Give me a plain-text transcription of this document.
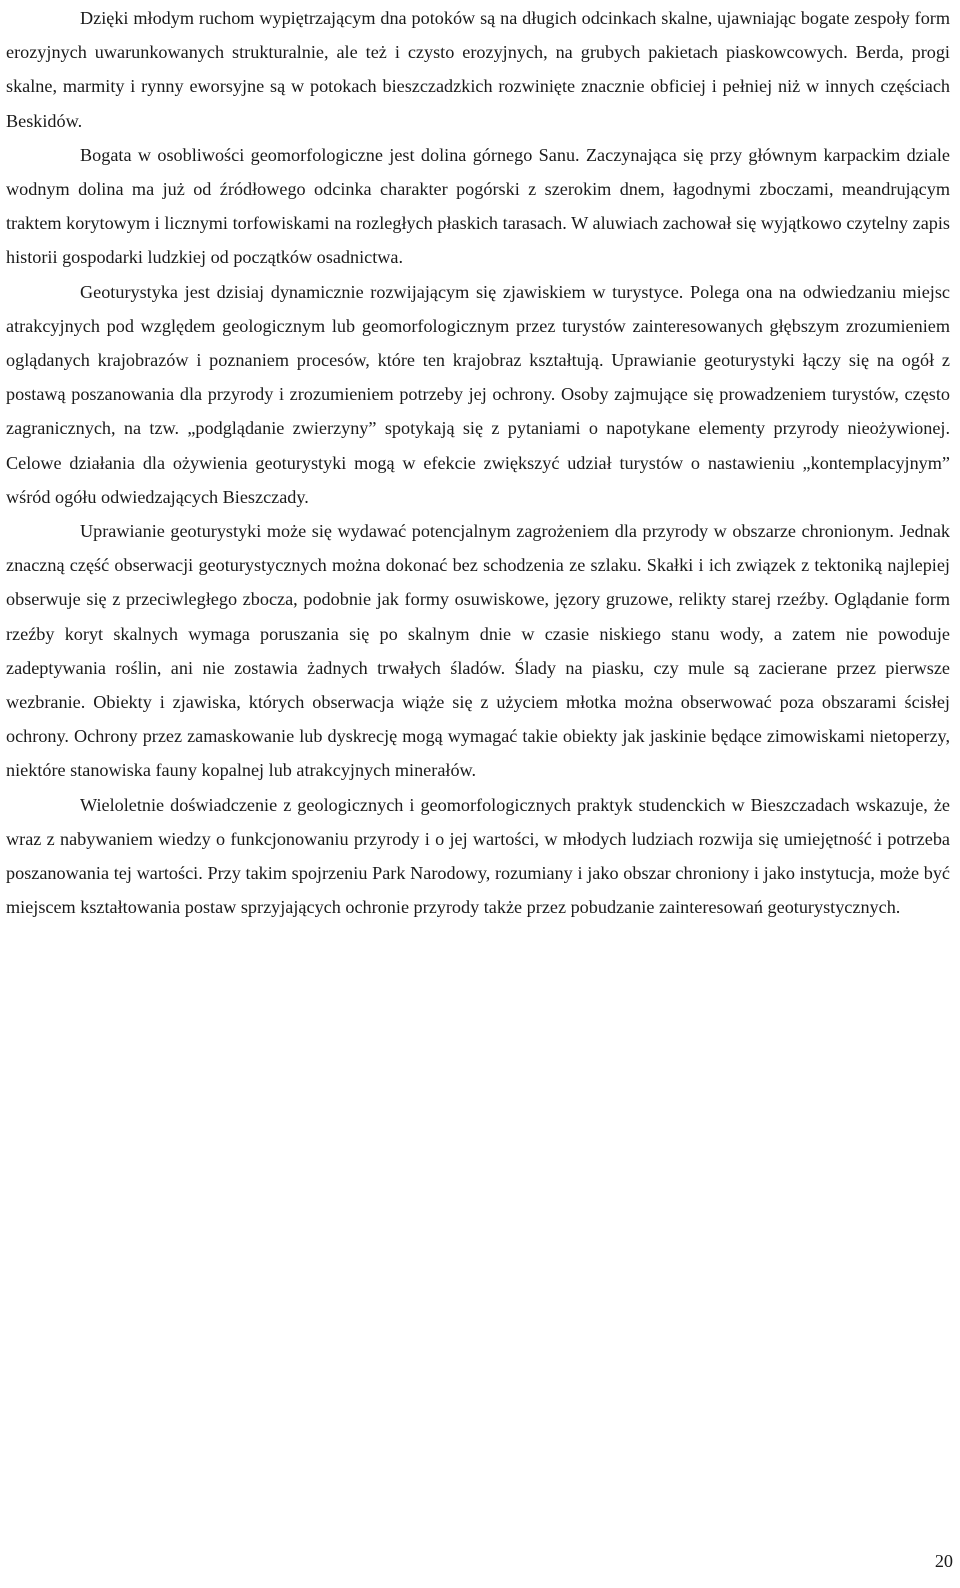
Dzięki młodym ruchom wypiętrzającym dna potoków są na długich odcinkach skalne, ujawniając bogate zespoły form erozyjnych uwarunkowanych strukturalnie, ale też i czysto erozyjnych, na grubych pakietach piaskowcowych. Berda, progi skalne, marmity i rynny eworsyjne są w potokach bieszczadzkich rozwinięte znacznie obficiej i pełniej niż w innych częściach Beskidów.

Bogata w osobliwości geomorfologiczne jest dolina górnego Sanu. Zaczynająca się przy głównym karpackim dziale wodnym dolina ma już od źródłowego odcinka charakter pogórski z szerokim dnem, łagodnymi zboczami, meandrującym traktem korytowym i licznymi torfowiskami na rozległych płaskich tarasach. W aluwiach zachował się wyjątkowo czytelny zapis historii gospodarki ludzkiej od początków osadnictwa.

Geoturystyka jest dzisiaj dynamicznie rozwijającym się zjawiskiem w turystyce. Polega ona na odwiedzaniu miejsc atrakcyjnych pod względem geologicznym lub geomorfologicznym przez turystów zainteresowanych głębszym zrozumieniem oglądanych krajobrazów i poznaniem procesów, które ten krajobraz kształtują. Uprawianie geoturystyki łączy się na ogół z postawą poszanowania dla przyrody i zrozumieniem potrzeby jej ochrony. Osoby zajmujące się prowadzeniem turystów, często zagranicznych, na tzw. „podglądanie zwierzyny” spotykają się z pytaniami o napotykane elementy przyrody nieożywionej. Celowe działania dla ożywienia geoturystyki mogą w efekcie zwiększyć udział turystów o nastawieniu „kontemplacyjnym” wśród ogółu odwiedzających Bieszczady.

Uprawianie geoturystyki może się wydawać potencjalnym zagrożeniem dla przyrody w obszarze chronionym. Jednak znaczną część obserwacji geoturystycznych można dokonać bez schodzenia ze szlaku. Skałki i ich związek z tektoniką najlepiej obserwuje się z przeciwległego zbocza, podobnie jak formy osuwiskowe, jęzory gruzowe, relikty starej rzeźby. Oglądanie form rzeźby koryt skalnych wymaga poruszania się po skalnym dnie w czasie niskiego stanu wody, a zatem nie powoduje zadeptywania roślin, ani nie zostawia żadnych trwałych śladów. Ślady na piasku, czy mule są zacierane przez pierwsze wezbranie. Obiekty i zjawiska, których obserwacja wiąże się z użyciem młotka można obserwować poza obszarami ścisłej ochrony. Ochrony przez zamaskowanie lub dyskrecję mogą wymagać takie obiekty jak jaskinie będące zimowiskami nietoperzy, niektóre stanowiska fauny kopalnej lub atrakcyjnych minerałów.

Wieloletnie doświadczenie z geologicznych i geomorfologicznych praktyk studenckich w Bieszczadach wskazuje, że wraz z nabywaniem wiedzy o funkcjonowaniu przyrody i o jej wartości, w młodych ludziach rozwija się umiejętność i potrzeba poszanowania tej wartości. Przy takim spojrzeniu Park Narodowy, rozumiany i jako obszar chroniony i jako instytucja, może być miejscem kształtowania postaw sprzyjających ochronie przyrody także przez pobudzanie zainteresowań geoturystycznych.

20
